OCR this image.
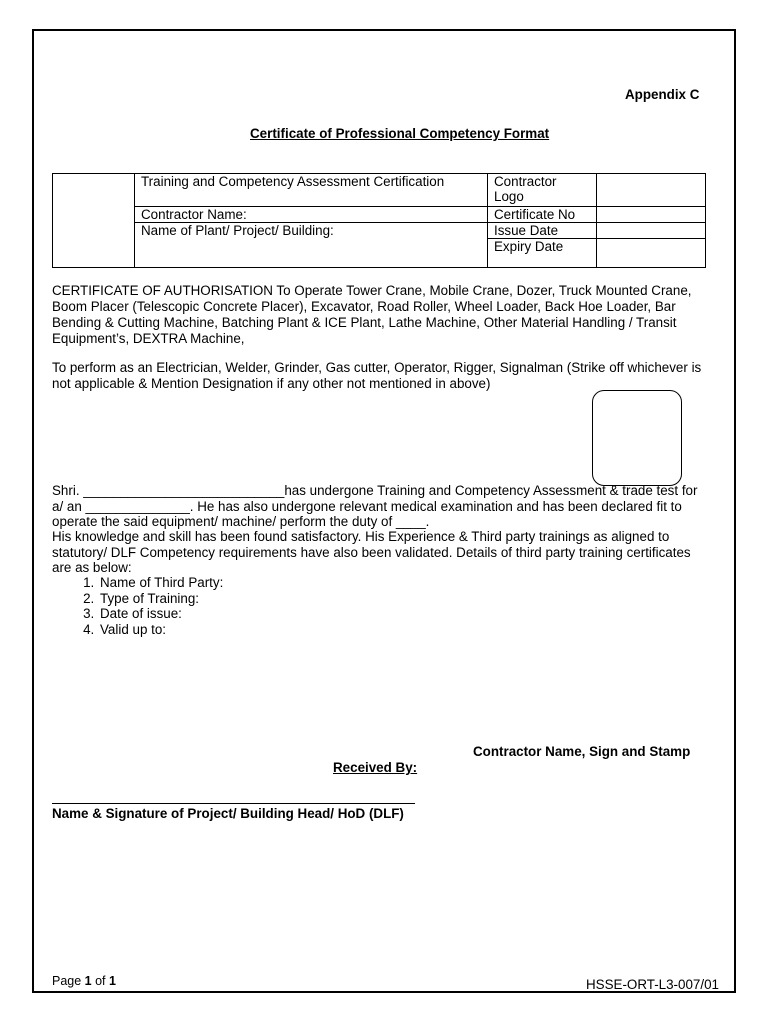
Appendix C
Certificate of Professional Competency Format
	Training and Competency Assessment Certification	Contractor Logo	
	Contractor Name:	Certificate No	
	Name of Plant/ Project/ Building:	Issue Date	
		Expiry Date	
CERTIFICATE OF AUTHORISATION To Operate Tower Crane, Mobile Crane, Dozer, Truck Mounted Crane, Boom Placer (Telescopic Concrete Placer), Excavator, Road Roller, Wheel Loader, Back Hoe Loader, Bar Bending & Cutting Machine, Batching Plant & ICE Plant, Lathe Machine, Other Material Handling / Transit Equipment’s, DEXTRA Machine,
To perform as an Electrician, Welder, Grinder, Gas cutter, Operator, Rigger, Signalman (Strike off whichever is not applicable & Mention Designation if any other not mentioned in above)
Shri. ___________________________has undergone Training and Competency Assessment & trade test for a/ an ______________. He has also undergone relevant medical examination and has been declared fit to operate the said equipment/ machine/ perform the duty of ____.
His knowledge and skill has been found satisfactory. His Experience & Third party trainings as aligned to statutory/ DLF Competency requirements have also been validated. Details of third party training certificates are as below:
1. Name of Third Party:
2. Type of Training:
3. Date of issue:
4. Valid up to:
Contractor Name, Sign and Stamp
Received By:
Name & Signature of Project/ Building Head/ HoD (DLF)
Page 1 of 1	HSSE-ORT-L3-007/01
